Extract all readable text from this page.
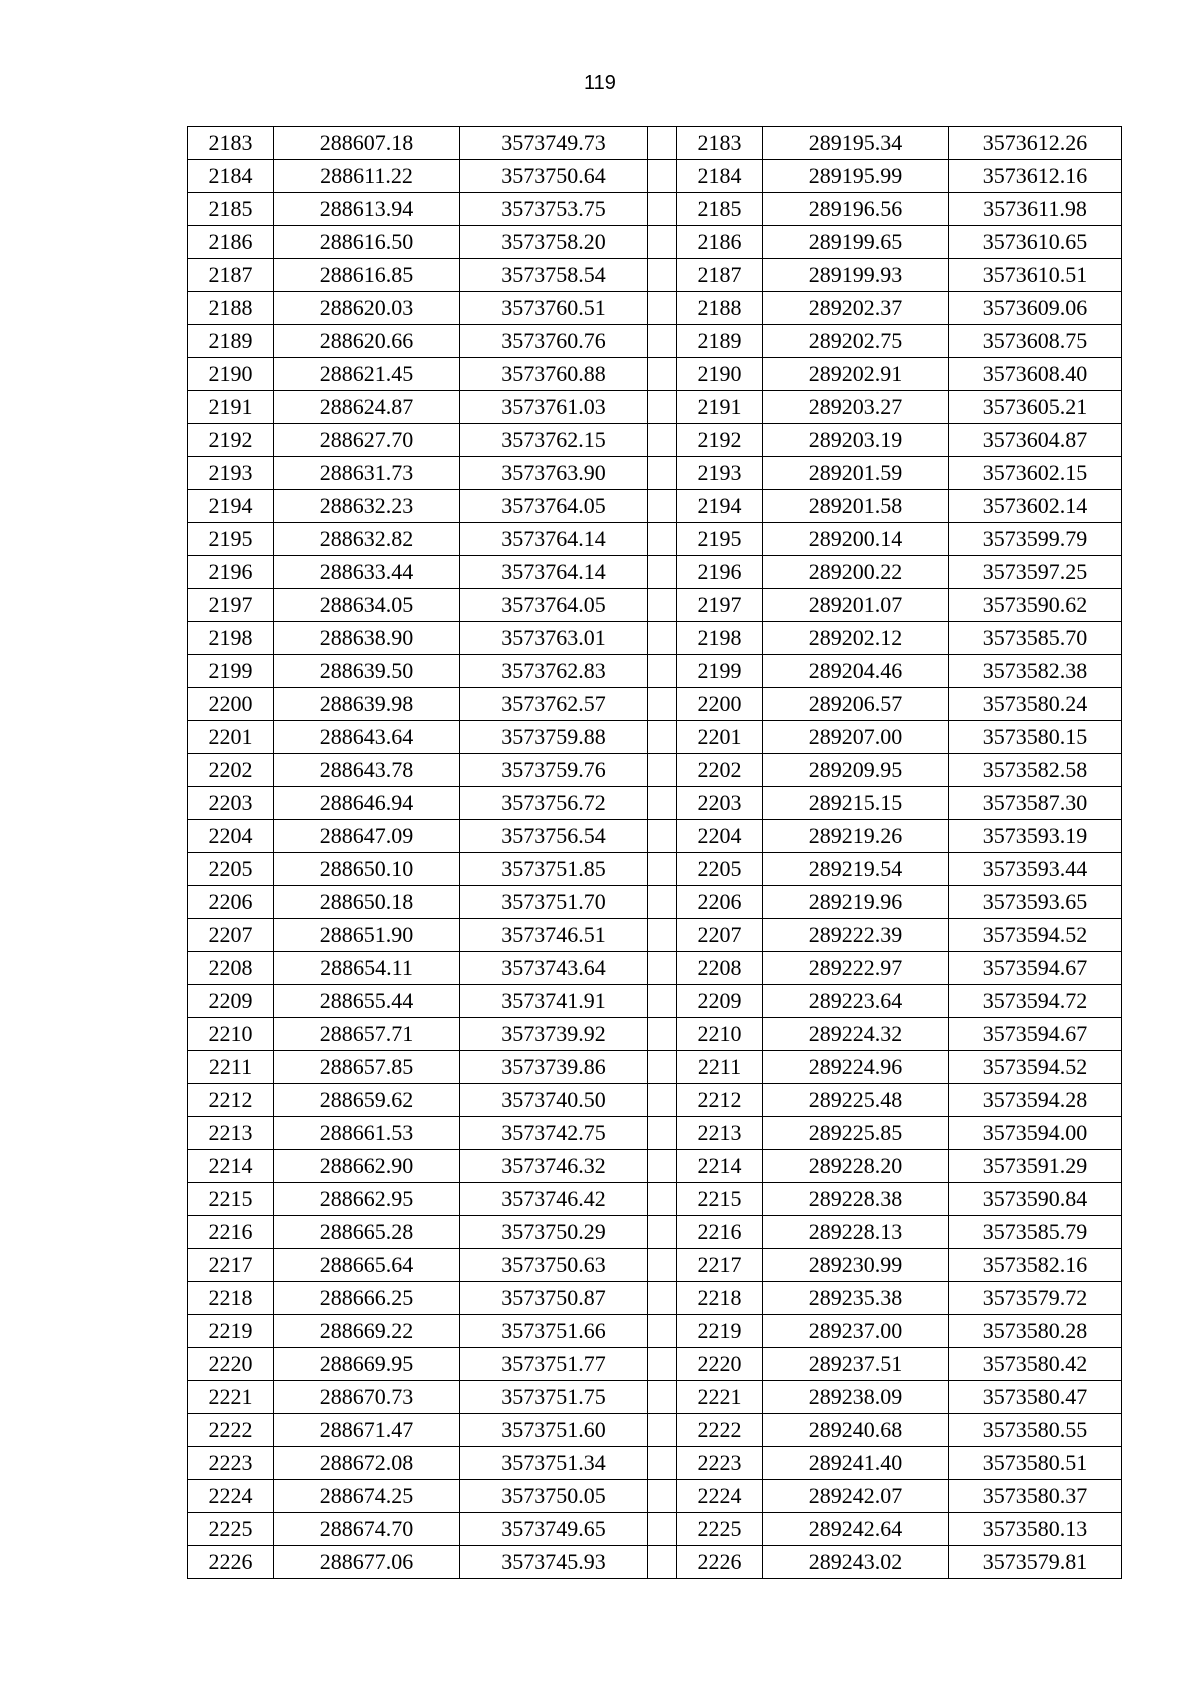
119
2183	288607.18	3573749.73		2183	289195.34	3573612.26
2184	288611.22	3573750.64		2184	289195.99	3573612.16
2185	288613.94	3573753.75		2185	289196.56	3573611.98
2186	288616.50	3573758.20		2186	289199.65	3573610.65
2187	288616.85	3573758.54		2187	289199.93	3573610.51
2188	288620.03	3573760.51		2188	289202.37	3573609.06
2189	288620.66	3573760.76		2189	289202.75	3573608.75
2190	288621.45	3573760.88		2190	289202.91	3573608.40
2191	288624.87	3573761.03		2191	289203.27	3573605.21
2192	288627.70	3573762.15		2192	289203.19	3573604.87
2193	288631.73	3573763.90		2193	289201.59	3573602.15
2194	288632.23	3573764.05		2194	289201.58	3573602.14
2195	288632.82	3573764.14		2195	289200.14	3573599.79
2196	288633.44	3573764.14		2196	289200.22	3573597.25
2197	288634.05	3573764.05		2197	289201.07	3573590.62
2198	288638.90	3573763.01		2198	289202.12	3573585.70
2199	288639.50	3573762.83		2199	289204.46	3573582.38
2200	288639.98	3573762.57		2200	289206.57	3573580.24
2201	288643.64	3573759.88		2201	289207.00	3573580.15
2202	288643.78	3573759.76		2202	289209.95	3573582.58
2203	288646.94	3573756.72		2203	289215.15	3573587.30
2204	288647.09	3573756.54		2204	289219.26	3573593.19
2205	288650.10	3573751.85		2205	289219.54	3573593.44
2206	288650.18	3573751.70		2206	289219.96	3573593.65
2207	288651.90	3573746.51		2207	289222.39	3573594.52
2208	288654.11	3573743.64		2208	289222.97	3573594.67
2209	288655.44	3573741.91		2209	289223.64	3573594.72
2210	288657.71	3573739.92		2210	289224.32	3573594.67
2211	288657.85	3573739.86		2211	289224.96	3573594.52
2212	288659.62	3573740.50		2212	289225.48	3573594.28
2213	288661.53	3573742.75		2213	289225.85	3573594.00
2214	288662.90	3573746.32		2214	289228.20	3573591.29
2215	288662.95	3573746.42		2215	289228.38	3573590.84
2216	288665.28	3573750.29		2216	289228.13	3573585.79
2217	288665.64	3573750.63		2217	289230.99	3573582.16
2218	288666.25	3573750.87		2218	289235.38	3573579.72
2219	288669.22	3573751.66		2219	289237.00	3573580.28
2220	288669.95	3573751.77		2220	289237.51	3573580.42
2221	288670.73	3573751.75		2221	289238.09	3573580.47
2222	288671.47	3573751.60		2222	289240.68	3573580.55
2223	288672.08	3573751.34		2223	289241.40	3573580.51
2224	288674.25	3573750.05		2224	289242.07	3573580.37
2225	288674.70	3573749.65		2225	289242.64	3573580.13
2226	288677.06	3573745.93		2226	289243.02	3573579.81
